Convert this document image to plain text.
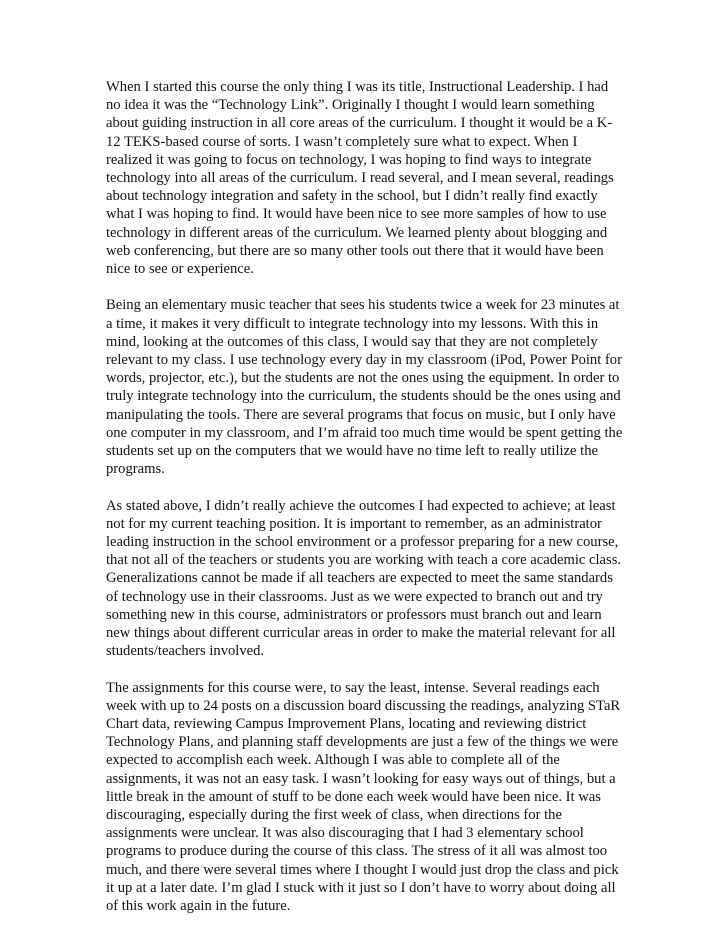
When I started this course the only thing I was its title, Instructional Leadership. I had no idea it was the “Technology Link”. Originally I thought I would learn something about guiding instruction in all core areas of the curriculum. I thought it would be a K-12 TEKS-based course of sorts. I wasn’t completely sure what to expect. When I realized it was going to focus on technology, I was hoping to find ways to integrate technology into all areas of the curriculum. I read several, and I mean several, readings about technology integration and safety in the school, but I didn’t really find exactly what I was hoping to find. It would have been nice to see more samples of how to use technology in different areas of the curriculum. We learned plenty about blogging and web conferencing, but there are so many other tools out there that it would have been nice to see or experience.

Being an elementary music teacher that sees his students twice a week for 23 minutes at a time, it makes it very difficult to integrate technology into my lessons. With this in mind, looking at the outcomes of this class, I would say that they are not completely relevant to my class. I use technology every day in my classroom (iPod, Power Point for words, projector, etc.), but the students are not the ones using the equipment. In order to truly integrate technology into the curriculum, the students should be the ones using and manipulating the tools. There are several programs that focus on music, but I only have one computer in my classroom, and I’m afraid too much time would be spent getting the students set up on the computers that we would have no time left to really utilize the programs.

As stated above, I didn’t really achieve the outcomes I had expected to achieve; at least not for my current teaching position. It is important to remember, as an administrator leading instruction in the school environment or a professor preparing for a new course, that not all of the teachers or students you are working with teach a core academic class. Generalizations cannot be made if all teachers are expected to meet the same standards of technology use in their classrooms. Just as we were expected to branch out and try something new in this course, administrators or professors must branch out and learn new things about different curricular areas in order to make the material relevant for all students/teachers involved.

The assignments for this course were, to say the least, intense. Several readings each week with up to 24 posts on a discussion board discussing the readings, analyzing STaR Chart data, reviewing Campus Improvement Plans, locating and reviewing district Technology Plans, and planning staff developments are just a few of the things we were expected to accomplish each week. Although I was able to complete all of the assignments, it was not an easy task. I wasn’t looking for easy ways out of things, but a little break in the amount of stuff to be done each week would have been nice. It was discouraging, especially during the first week of class, when directions for the assignments were unclear. It was also discouraging that I had 3 elementary school programs to produce during the course of this class. The stress of it all was almost too much, and there were several times where I thought I would just drop the class and pick it up at a later date. I’m glad I stuck with it just so I don’t have to worry about doing all of this work again in the future.
